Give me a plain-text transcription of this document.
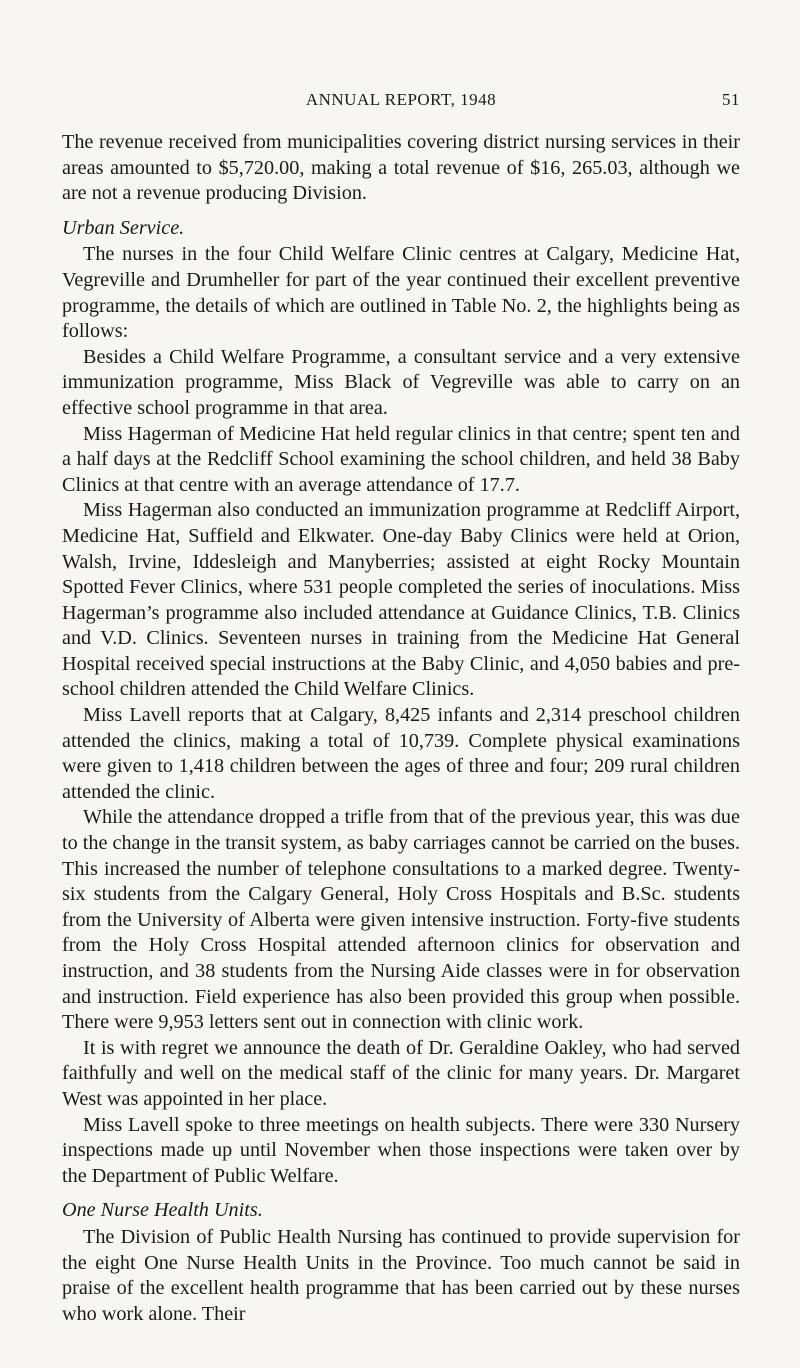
ANNUAL REPORT, 1948	51

The revenue received from municipalities covering district nursing services in their areas amounted to $5,720.00, making a total revenue of $16, 265.03, although we are not a revenue producing Division.

Urban Service.

The nurses in the four Child Welfare Clinic centres at Calgary, Medicine Hat, Vegreville and Drumheller for part of the year continued their excellent preventive programme, the details of which are outlined in Table No. 2, the highlights being as follows:

Besides a Child Welfare Programme, a consultant service and a very extensive immunization programme, Miss Black of Vegreville was able to carry on an effective school programme in that area.

Miss Hagerman of Medicine Hat held regular clinics in that centre; spent ten and a half days at the Redcliff School examining the school children, and held 38 Baby Clinics at that centre with an average attendance of 17.7.

Miss Hagerman also conducted an immunization programme at Redcliff Airport, Medicine Hat, Suffield and Elkwater. One-day Baby Clinics were held at Orion, Walsh, Irvine, Iddesleigh and Manyberries; assisted at eight Rocky Mountain Spotted Fever Clinics, where 531 people completed the series of inoculations. Miss Hagerman’s programme also included attendance at Guidance Clinics, T.B. Clinics and V.D. Clinics. Seventeen nurses in training from the Medicine Hat General Hospital received special instructions at the Baby Clinic, and 4,050 babies and pre-school children attended the Child Welfare Clinics.

Miss Lavell reports that at Calgary, 8,425 infants and 2,314 preschool children attended the clinics, making a total of 10,739. Complete physical examinations were given to 1,418 children between the ages of three and four; 209 rural children attended the clinic.

While the attendance dropped a trifle from that of the previous year, this was due to the change in the transit system, as baby carriages cannot be carried on the buses. This increased the number of telephone consultations to a marked degree. Twenty-six students from the Calgary General, Holy Cross Hospitals and B.Sc. students from the University of Alberta were given intensive instruction. Forty-five students from the Holy Cross Hospital attended afternoon clinics for observation and instruction, and 38 students from the Nursing Aide classes were in for observation and instruction. Field experience has also been provided this group when possible. There were 9,953 letters sent out in connection with clinic work.

It is with regret we announce the death of Dr. Geraldine Oakley, who had served faithfully and well on the medical staff of the clinic for many years. Dr. Margaret West was appointed in her place.

Miss Lavell spoke to three meetings on health subjects. There were 330 Nursery inspections made up until November when those inspections were taken over by the Department of Public Welfare.

One Nurse Health Units.

The Division of Public Health Nursing has continued to provide supervision for the eight One Nurse Health Units in the Province. Too much cannot be said in praise of the excellent health programme that has been carried out by these nurses who work alone. Their
